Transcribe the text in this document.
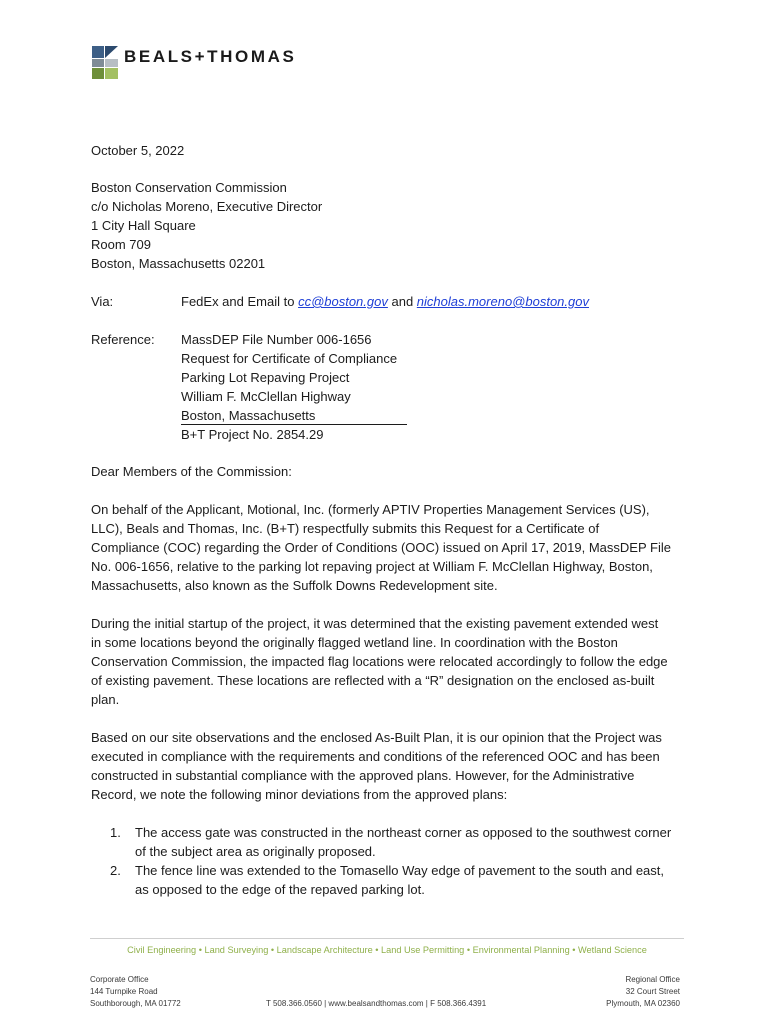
BEALS+THOMAS
October 5, 2022
Boston Conservation Commission
c/o Nicholas Moreno, Executive Director
1 City Hall Square
Room 709
Boston, Massachusetts 02201
Via:	FedEx and Email to cc@boston.gov and nicholas.moreno@boston.gov
Reference: MassDEP File Number 006-1656
Request for Certificate of Compliance
Parking Lot Repaving Project
William F. McClellan Highway
Boston, Massachusetts
B+T Project No. 2854.29
Dear Members of the Commission:

On behalf of the Applicant, Motional, Inc. (formerly APTIV Properties Management Services (US), LLC), Beals and Thomas, Inc. (B+T) respectfully submits this Request for a Certificate of Compliance (COC) regarding the Order of Conditions (OOC) issued on April 17, 2019, MassDEP File No. 006-1656, relative to the parking lot repaving project at William F. McClellan Highway, Boston, Massachusetts, also known as the Suffolk Downs Redevelopment site.

During the initial startup of the project, it was determined that the existing pavement extended west in some locations beyond the originally flagged wetland line. In coordination with the Boston Conservation Commission, the impacted flag locations were relocated accordingly to follow the edge of existing pavement. These locations are reflected with a “R” designation on the enclosed as-built plan.

Based on our site observations and the enclosed As-Built Plan, it is our opinion that the Project was executed in compliance with the requirements and conditions of the referenced OOC and has been constructed in substantial compliance with the approved plans. However, for the Administrative Record, we note the following minor deviations from the approved plans:

1. The access gate was constructed in the northeast corner as opposed to the southwest corner of the subject area as originally proposed.
2. The fence line was extended to the Tomasello Way edge of pavement to the south and east, as opposed to the edge of the repaved parking lot.
Civil Engineering • Land Surveying • Landscape Architecture • Land Use Permitting • Environmental Planning • Wetland Science
Corporate Office
144 Turnpike Road
Southborough, MA 01772	T 508.366.0560 | www.bealsandthomas.com | F 508.366.4391
Regional Office
32 Court Street
Plymouth, MA 02360
